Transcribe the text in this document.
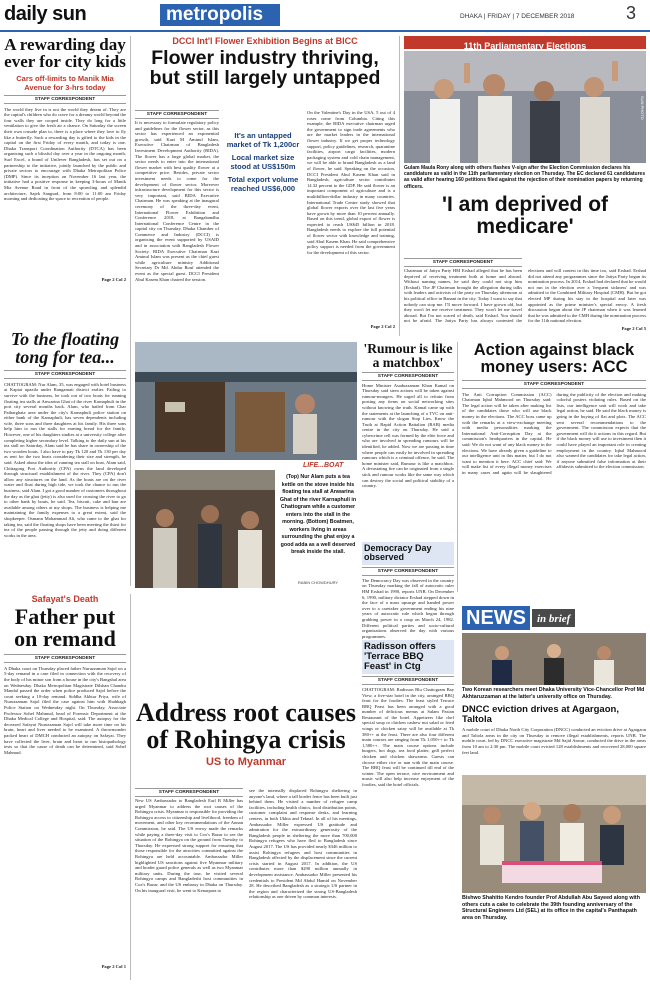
daily sun	metropolis	DHAKA | FRIDAY | 7 DECEMBER 2018	3
A rewarding day ever for city kids
Cars off-limits to Manik Mia Avenue for 3-hrs today
STAFF CORRESPONDENT
The world they live in is not the world they dream of. They are the capital's children who do crave for a dreamy world beyond the four walls they are cooped inside. They do long for a little ventilation to give the fresh air a chance. On Saturday the screen their own crusade plan to, there is a place where they love to fly like a butterfly. Such a rewarding day is gifted to the kids in the capital on the first Friday of every month, and today is one. Dhaka Transport Coordination Authority (DTCA) has been organising such a blissful day over a year in the ongoing month, Surf Excel, a brand of Unilever Bangladesh, has set out on a partnership to the initiative, jointly launched by the public and private sectors to encourage with Dhaka Metropolitan Police (DMP). Since its inception on November 16 last year, the initiative had a positive response in keeping 3-hours of Manik Mia Avenue Road in front of the sprawling and splendid architecture, Sajek Sangsad, from 8:00 to 11:00 am Friday morning and dedicating the space to recreation of people.
Page 2 Col 2
DCCI Int'l Flower Exhibition Begins at BICC
Flower industry thriving, but still largely untapped
STAFF CORRESPONDENT
It is necessary to formulate regulatory policy and guidelines for the flower sector, as this sector has experienced an exponential growth, said Kazi M Aminul Islam, Executive Chairman of Bangladesh Investment Development Authority (BIDA). The flower has a large global market, the sector needs to enter into the international flower market with best quality flower at a competitive price. Besides, private sector investment needs to come for the development of flower sector. Moreover infrastructure development for this sector is very important, said BIDA Executive Chairman. He was speaking at the inaugural ceremony of the three-day event, International Flower Exhibition and Conference 2018, at Bangabandhu International Conference Centre in the capital city on Thursday. Dhaka Chamber of Commerce and Industry (DCCI) is organising the event supported by USAID and in association with Bangladesh Flower Society. BIDA Executive Chairman Kazi Aminul Islam was present as the chief guest while agriculture ministry Additional Secretary Dr Md. Abdur Rouf attended the event as the special guest. DCCI President Abul Kasem Khan chaired the session.
It's an untapped market of Tk 1,200cr
Local market size stood at US$150m
Total export volume reached US$6,000
On the Valentine's Day in the USA, 5 out of 4 roses come from Columbia. Citing this example, the BIDA executive chairman urged the government to sign trade agreements who are the market leaders in the international flower industry. If we get proper technology support, policy guidelines, research, quarantine facilities, airport cargo facilities, modern packaging system and cold chain management, we will be able to brand Bangladesh as a land of flower, he said. Speaking on the occasion, DCCI President Abul Kasem Khan said in Bangladesh, agriculture sector contributes 14.32 percent to the GDP. He said flower is an important component of agriculture and is a multibillion-dollar industry in many countries. International Trade Centre study showed that global flower exports over the last five years have grown by more than 10 percent annually. Based on this trend, global export of flower is expected to reach US$45 billion in 2018. Bangladesh needs to explore the full potential of flower sector with knowledge and training, said Abul Kasem Khan. He said comprehensive policy support is needed from the government for the development of this sector.
Page 2 Col 2
11th Parliamentary Elections
SUN PHOTO
Gulam Maula Rony along with others flashes V-sign after the Election Commission declares his candidature as valid in the 11th parliamentary election on Thursday. The EC declared 61 candidatures as valid after hearing 160 petitions filed against the rejection of their nomination papers by returning officers.
'I am deprived of medicare'
STAFF CORRESPONDENT
Chairman of Jatiya Party HM Ershad alleged that he has been deprived of receiving treatment both at home and abroad. Without naming names, he said they could not stop him (Ershad). The JP Chairman brought the allegation during talks with leaders and activists of the party on Thursday afternoon at his political office in Banani in the city. Today I want to say that nobody can stop me. I'll move forward. I have grown old, but they won't let me receive treatment. They won't let me travel abroad. But I'm not scared of death, said Ershad. You should not be afraid. The Jatiya Party has always contested the elections and will contest in this time too, said Ershad. Ershad did not attend any programmes since the Jatiya Party began its nomination process. In 2014, Ershad had declared that he would not run in the election over a 'frequent sickness' and was admitted to the Combined Military Hospital (CMH). But he got elected MP during his stay in the hospital and later was appointed as the prime minister's special envoy. A fresh discussion began about the JP chairman when it was learned that he was admitted to the CMH during the nomination process for the 11th national election.
Page 2 Col 5
To the floating tong for tea...
STAFF CORRESPONDENT
CHATTOGRAM: Nur Alam, 35, was engaged with hotel business at Kaptai upazila under Rangamati district earlier. Failing to survive with the business, he took out of two boats for running floating tea stalls at Anwarina Ghat of the river Karnaphuli in the port city several months back. Alam, who hailed from Char Patharghata area under the city's Karnaphuli police station on either bank of the Karnaphuli, has seven dependents including wife, three sons and three daughters at his family. His three sons help him to run the stalls for earning bread for the family. However, one of his daughters studies at a university college after completing higher secondary level. Talking to the daily sun at his tea stall on Saturday, Alam said he has share in ownership of the two wooden boats. I also have to pay Tk 120 and Tk 130 per day as rent for the two boats considering their size and strength, he said. Asked about the idea of running tea stall on boat, Alam said, Chittagong Port Authority (CPA) owns the land developed through structural establishment of the river. They (CPA) don't allow any structures on the land. As the boats are on the river water and float during high tide, we took the chance to run the business, said Alam. I got a good number of customers throughout the day as the ghat (jetty) is also used for crossing the river to go to other bank by boats, he said. Tea, biscuit, cake and bun are available among others at my shops. The business is helping me maintaining the family expenses to a great extent, said the shopkeeper. Osmann Mohammad Ali, who came to the ghat for taking tea, said the floating shops have been meeting the thirst for tea of the people passing through the jetty and doing different works in the area.
LIFE...BOAT
(Top) Nur Alam puts a tea kettle on the stove inside his floating tea stall at Anwarina Ghat of the river Karnaphuli in Chattogram while a customer enters into the stall in the morning. (Bottom) Boatmen, workers living in areas surrounding the ghat enjoy a good adda as a well deserved break inside the stall.
RABIN CHOWDHURY
'Rumour is like a matchbox'
STAFF CORRESPONDENT
Home Minister Asaduzzaman Khan Kamal on Thursday said stern actions will be taken against rumour-mongers. He urged all to refrain from posting any items on social networking sites without knowing the truth. Kamal came up with the statements at the launching of a TVC on anti-rumour with the slogan Stop Lies, Know the Truth at Rapid Action Battalion (RAB) media centre in the city on Thursday. He said a cybercrime cell was formed by the elite force and who are involved in spreading rumours will be identified, he added. Now we are passing in time where people can easily be involved in spreading rumours which is a criminal offence, he said. The home minister said, Rumour is like a matchbox. A devastating fire can be originated from a single stick and rumour works like the same way which can destroy the social and political stability of a country.
Action against black money users: ACC
STAFF CORRESPONDENT
The Anti Corruption Commission (ACC) Chairman Iqbal Mahmood on Thursday said: The legal action will be taken after making list of the candidates those who will use black money in the elections. The ACC boss came up with the remarks at a view-exchange meeting with media personalities marking the International Anti-Corruption Day at the commission's headquarters in the capital. He said: We do not want of any black money in the elections. We have already given a guideline to our intelligence unit in this matter, but I do not want to mention it here. ACC chief said: We will make list of every illegal money exercises in many cases and again will be slaughtered during the publicity of the election and making colorful posters violating rules. Based on the lists, our intelligence unit will work and take legal action, he said. He said the black money is going in the buying of flat and plots. The ACC sent several recommendations to the government. The commission expects that the government will do it actions in this regard. But if the black money will use to investment then it could have played an important role in creating employment in the country. Iqbal Mahmood also warned the candidates for take legal action, if anyone submitted false information at their affidavits submitted to the election commission.
Democracy Day observed
STAFF CORRESPONDENT
The Democracy Day was observed in the country on Thursday marking the fall of autocratic ruler HM Ershad in 1990, reports UNB. On December 6, 1990, military dictator Ershad stepped down in the face of a mass upsurge and handed power over to a caretaker government ending his nine years of autocratic rule which began through grabbing power in a coup on March 24, 1982. Different political parties and socio-cultural organisations observed the day with various programmes.
NEWS	in brief
Two Korean researchers meet Dhaka University Vice-Chancellor Prof Md Akhtaruzzaman at the latter's university office on Thursday.
DNCC eviction drives at Agargaon, Taltola
A mobile court of Dhaka North City Corporation (DNCC) conducted an eviction drive at Agargaon and Taltola areas in the city on Thursday to remove illegal establishments, reports UNB. The mobile court, led by DNCC executive magistrate Md Sajid Anwar, conducted the drive in the areas from 10 am to 2:30 pm. The mobile court evicted 128 establishments and recovered 28,000 square feet land.
Bishwo Shahitto Kendro founder Prof Abdullah Abu Sayeed along with others cuts a cake to celebrate the 39th founding anniversary of the Structural Engineers Ltd (SEL) at its office in the capital's Panthapath area on Thursday.
Safayat's Death
Father put on remand
STAFF CORRESPONDENT
A Dhaka court on Thursday placed father Nuruzzaman Sajol on a 5-day remand in a case filed in connection with the recovery of the body of his minor son from a house in the city's Bangshal area on Wednesday. Dhaka Metropolitan Magistrate Dilshan Chandra Mandal passed the order when police produced Sajol before the court seeking a 10-day remand. Siddha Akhtar Priya, wife of Nuruzzaman Sajol filed the case against him with Shahbagh Police Station on Wednesday night. On Thursday, Associate Professor Sohel Mahmud, head of Forensic Department at the Dhaka Medical College and Hospital, said: The autopsy for the deceased Safayat Nuruzzaman Sajol will take more time on his brain, heart and liver needed to be examined. A throwmonder packed heart of DMCH conducted an autopsy on Safayat. They have collected the liver, brain and heart to run histopathology tests so that the cause of death can be determined, said Sohel Mahmud.
Page 2 Col 1
Address root causes of Rohingya crisis
US to Myanmar
STAFF CORRESPONDENT
New US Ambassador to Bangladesh Earl R Miller has urged Myanmar to address the root causes of the Rohingya crisis. Myanmar is responsible for providing the Rohingya access to citizenship and livelihood, freedom of movement, and other key recommendations of the Annan Commission, he said. The US envoy made the remarks while paying a three-day visit to Cox's Bazar to see the situation of the Rohingya on the ground from Tuesday to Thursday. He expressed strong support for ensuring that those responsible for the atrocities committed against the Rohingya are held accountable. Ambassador Miller highlighted US sanctions against five Myanmar military and border guard police generals as well as two Myanmar military units. During the tour, he visited several Rohingya camps and Bangladeshi host communities in Cox's Bazar, and the US embassy in Dhaka on Thursday. On his inaugural visit, he went to Kenarpara to
see the internally displaced Rohingya sheltering in anyone's land, where a tall border fence has been built just behind them. He visited a number of refugee camp facilities, including health clinics, food distribution points, customer complaint and response desks, and learning centers, in both Ukhia and Teknaf. In all of his meetings, Ambassador Miller expressed US gratitude and admiration for the extraordinary generosity of the Bangladesh people in sheltering the more than 700,000 Rohingya refugees who have fled to Bangladesh since August 2017. The US has provided nearly $346 million to assist Rohingya refugees and host communities in Bangladesh affected by the displacement since the current crisis started in August 2017. In addition, the US contributes more than $290 million annually in development assistance. Ambassador Miller presented his credentials to President Md Abdul Hamid on November 28. He described Bangladesh as a strategic US partner in the region and characterized the strong US-Bangladesh relationship as one driven by common interests.
Radisson offers 'Terrace BBQ Feast' in Ctg
STAFF CORRESPONDENT
CHATTOGRAM: Radisson Blu Chattogram Bay View, a five-star hotel in the city, arranged BBQ feast for the foodies. The feast styled Terrace BBQ Feast has been arranged with a good number of delicious menus at Salam Pasian Restaurant of the hotel. Appetizers like chef special soup or chicken cashew nut salad or fried wings or chicken satay will be available at Tk 380++ at the feast. There are also four different main courses are ranging from Tk 1,050++ to Tk 1,580++. The main course options include burgers, hot dogs, sea food platter, grill perfect chicken and chicken shawarma. Guests can choose either rice or nan with the main course. The BBQ feast will be continued till end of the winter. The open terrace, nice environment and music will also help increase enjoyment of the foodies, said the hotel officials.
